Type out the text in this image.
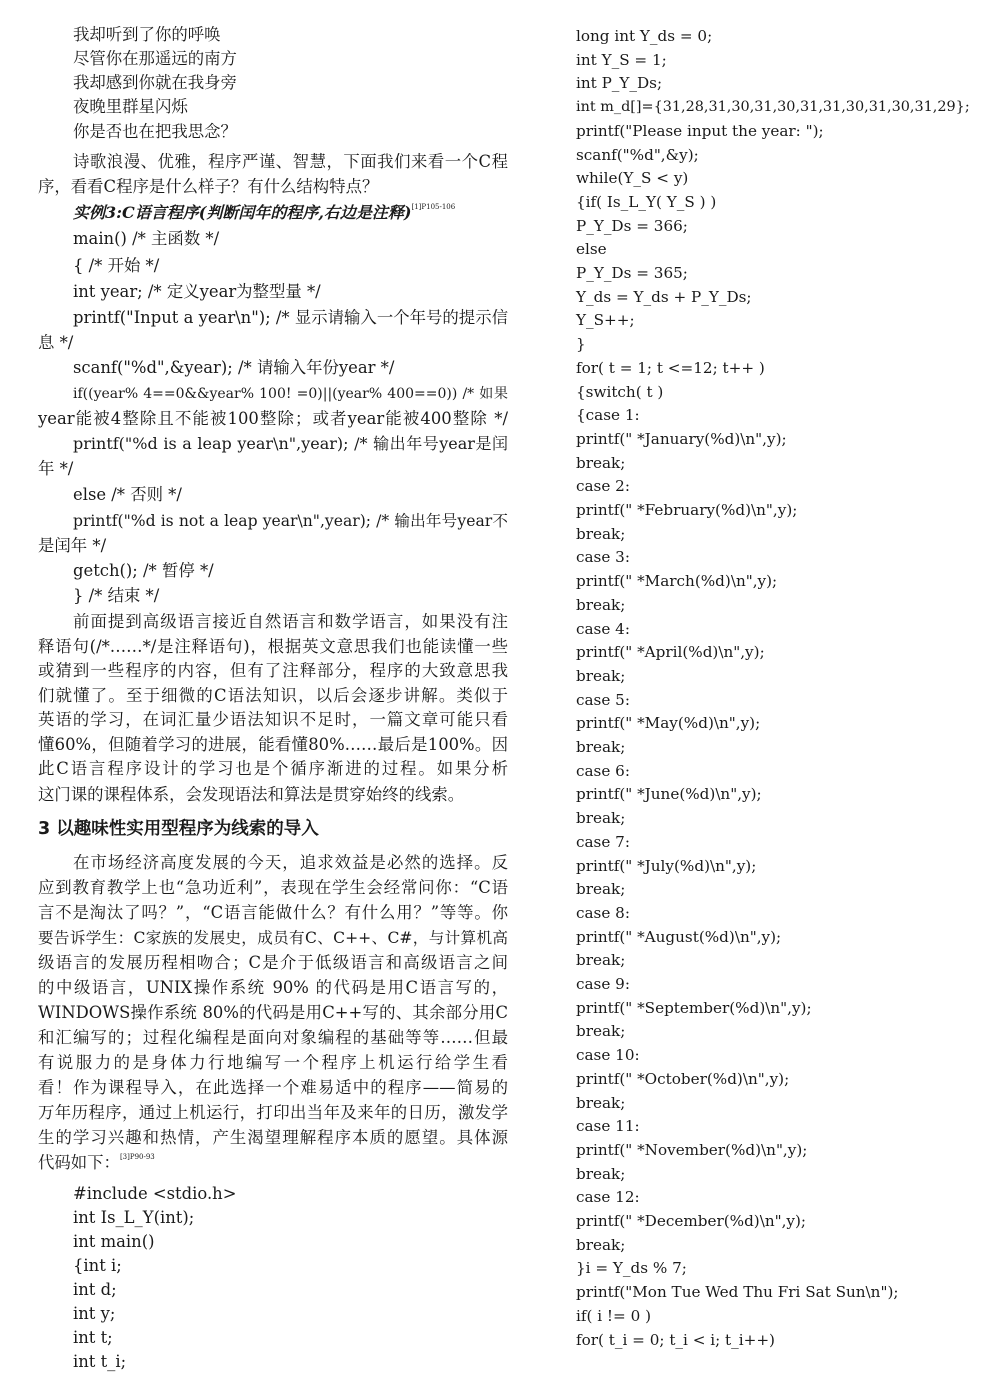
我却听到了你的呼唤
尽管你在那遥远的南方
我却感到你就在我身旁
夜晚里群星闪烁
你是否也在把我思念？
诗歌浪漫、优雅，程序严谨、智慧，下面我们来看一个C程
序，看看C程序是什么样子？有什么结构特点？
实例3:C语言程序(判断闰年的程序,右边是注释)$^{[1]P105-106}$
main() /* 主函数 */
{ /* 开始 */
int year; /* 定义year为整型量 */
printf("Input a year\n"); /* 显示请输入一个年号的提示信
息 */
scanf("%d",&year); /* 请输入年份year */
if((year% 4==0&&year% 100! =0)||(year% 400==0)) /* 如果
year能被4整除且不能被100整除；或者year能被400整除 */
printf("%d is a leap year\n",year); /* 输出年号year是闰
年 */
else /* 否则 */
printf("%d is not a leap year\n",year); /* 输出年号year不
是闰年 */
getch(); /* 暂停 */
} /* 结束 */
前面提到高级语言接近自然语言和数学语言，如果没有注
释语句(/*……*/是注释语句)，根据英文意思我们也能读懂一些
或猜到一些程序的内容，但有了注释部分，程序的大致意思我
们就懂了。至于细微的C语法知识，以后会逐步讲解。类似于
英语的学习，在词汇量少语法知识不足时，一篇文章可能只看
懂60%，但随着学习的进展，能看懂80%……最后是100%。因
此C语言程序设计的学习也是个循序渐进的过程。如果分析
这门课的课程体系，会发现语法和算法是贯穿始终的线索。
3 以趣味性实用型程序为线索的导入
在市场经济高度发展的今天，追求效益是必然的选择。反
应到教育教学上也“急功近利”，表现在学生会经常问你：“C语
言不是淘汰了吗？”，“C语言能做什么？有什么用？”等等。你
要告诉学生：C家族的发展史，成员有C、C++、C#，与计算机高
级语言的发展历程相吻合；C是介于低级语言和高级语言之间
的中级语言，UNIX操作系统 90% 的代码是用C语言写的，
WINDOWS操作系统 80%的代码是用C++写的、其余部分用C
和汇编写的；过程化编程是面向对象编程的基础等等……但最
有说服力的是身体力行地编写一个程序上机运行给学生看
看！作为课程导入，在此选择一个难易适中的程序——简易的
万年历程序，通过上机运行，打印出当年及来年的日历，激发学
生的学习兴趣和热情，产生渴望理解程序本质的愿望。具体源
代码如下：$^{[3]P90-93}$
#include <stdio.h>
int Is_L_Y(int);
int main()
{int i;
int d;
int y;
int t;
int t_i;
long int Y_ds = 0;
int Y_S = 1;
int P_Y_Ds;
int m_d[]={31,28,31,30,31,30,31,31,30,31,30,31,29};
printf("Please input the year: ");
scanf("%d",&y);
while(Y_S < y)
{if( Is_L_Y( Y_S ) )
P_Y_Ds = 366;
else
P_Y_Ds = 365;
Y_ds = Y_ds + P_Y_Ds;
Y_S++;
}
for( t = 1; t <=12; t++ )
{switch( t )
{case 1:
printf(" *January(%d)\n",y);
break;
case 2:
printf(" *February(%d)\n",y);
break;
case 3:
printf(" *March(%d)\n",y);
break;
case 4:
printf(" *April(%d)\n",y);
break;
case 5:
printf(" *May(%d)\n",y);
break;
case 6:
printf(" *June(%d)\n",y);
break;
case 7:
printf(" *July(%d)\n",y);
break;
case 8:
printf(" *August(%d)\n",y);
break;
case 9:
printf(" *September(%d)\n",y);
break;
case 10:
printf(" *October(%d)\n",y);
break;
case 11:
printf(" *November(%d)\n",y);
break;
case 12:
printf(" *December(%d)\n",y);
break;
}i = Y_ds % 7;
printf("Mon Tue Wed Thu Fri Sat Sun\n");
if( i != 0 )
for( t_i = 0; t_i < i; t_i++)
